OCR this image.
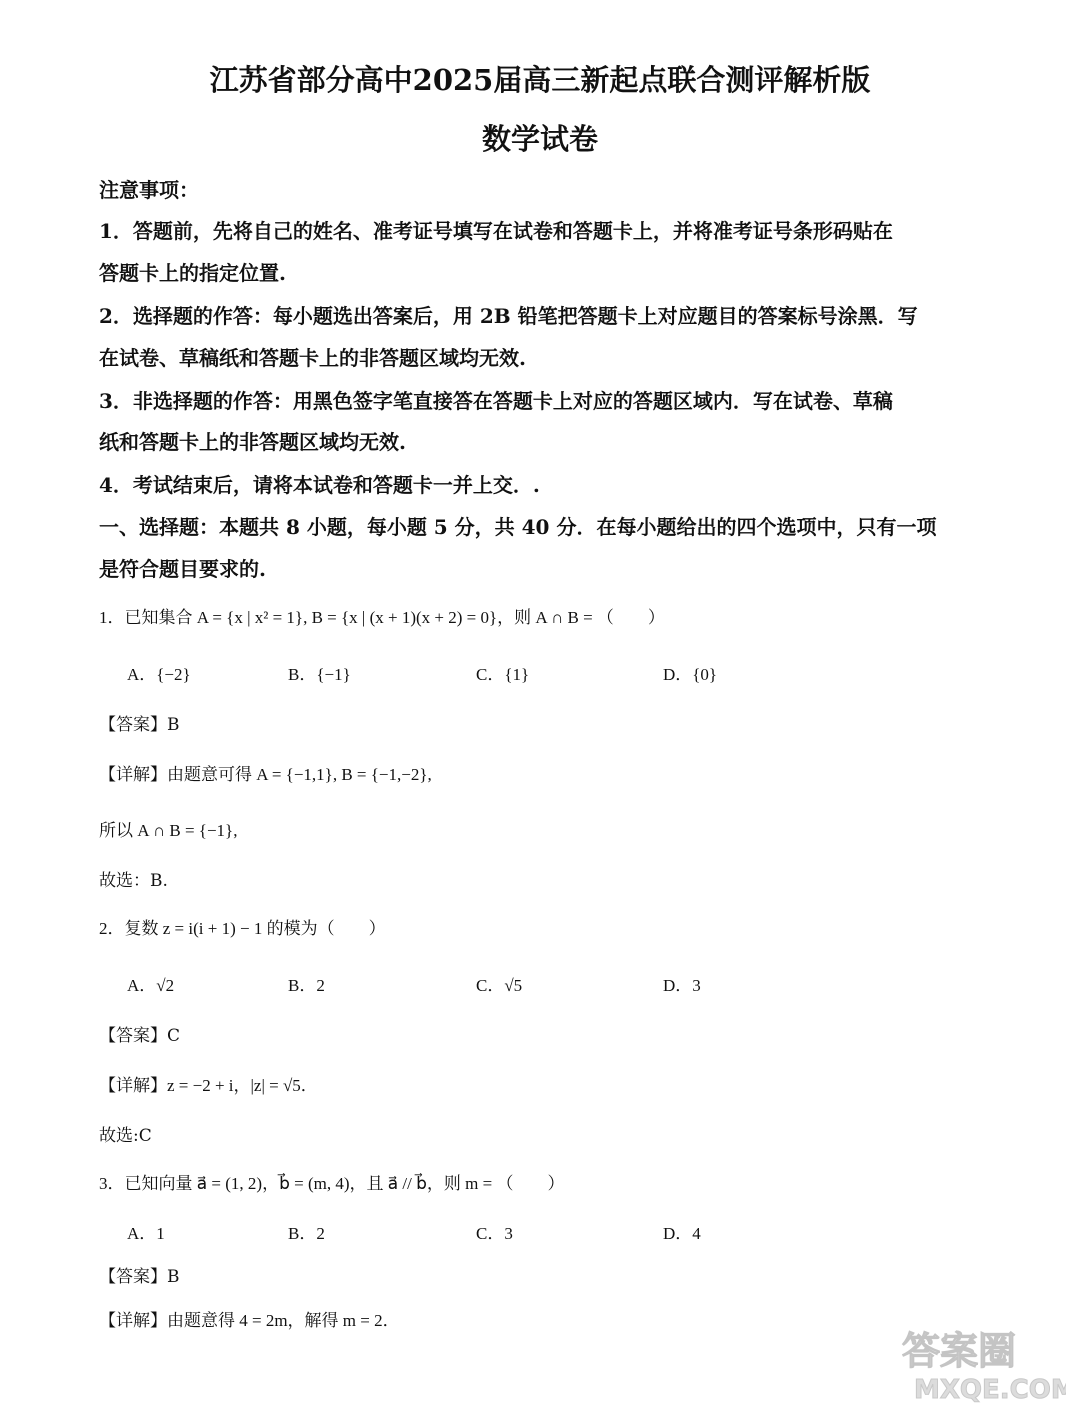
江苏省部分高中2025届高三新起点联合测评解析版
数学试卷
注意事项：
1．答题前，先将自己的姓名、准考证号填写在试卷和答题卡上，并将准考证号条形码贴在
答题卡上的指定位置.
2．选择题的作答：每小题选出答案后，用 2B 铅笔把答题卡上对应题目的答案标号涂黑．写
在试卷、草稿纸和答题卡上的非答题区域均无效.
3．非选择题的作答：用黑色签字笔直接答在答题卡上对应的答题区域内．写在试卷、草稿
纸和答题卡上的非答题区域均无效.
4．考试结束后，请将本试卷和答题卡一并上交．.
一、选择题：本题共 8 小题，每小题 5 分，共 40 分．在每小题给出的四个选项中，只有一项
是符合题目要求的.
1．已知集合 A = {x | x² = 1}, B = {x | (x + 1)(x + 2) = 0}，则 A ∩ B = （　　）
A．{−2}	B．{−1}	C．{1}	D．{0}
【答案】B
【详解】由题意可得 A = {−1,1}, B = {−1,−2},
所以 A ∩ B = {−1},
故选：B.
2．复数 z = i(i + 1) − 1 的模为（　　）
A．√2	B．2	C．√5	D．3
【答案】C
【详解】z = −2 + i，|z| = √5．
故选:C
3．已知向量 a⃗ = (1, 2)，b⃗ = (m, 4)，且 a⃗ // b⃗，则 m = （　　）
A．1	B．2	C．3	D．4
【答案】B
【详解】由题意得 4 = 2m，解得 m = 2．
答案圈
MXQE.COM
